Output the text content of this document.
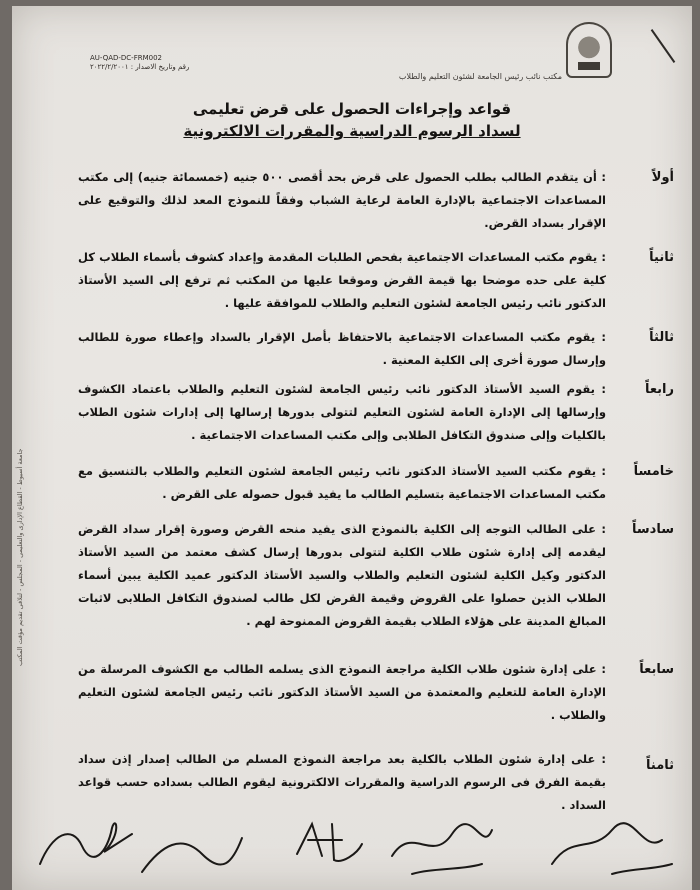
مكتب نائب رئيس الجامعة لشئون التعليم والطلاب
AU-QAD-DC-FRM002
رقم وتاريخ الاصدار : ٢٠٢٢/٢/٢٠٠١
قواعد وإجراءات الحصول على قرض تعليمى
لسداد الرسوم الدراسية والمقررات الالكترونية
أولاً
: أن يتقدم الطالب بطلب الحصول على قرض بحد أقصى ٥٠٠ جنيه (خمسمائة جنيه) إلى مكتب المساعدات الاجتماعية بالإدارة العامة لرعاية الشباب وفقاً للنموذج المعد لذلك والتوقيع على الإقرار بسداد القرض.
ثانياً
: يقوم مكتب المساعدات الاجتماعية بفحص الطلبات المقدمة وإعداد كشوف بأسماء الطلاب كل كلية على حده موضحا بها قيمة القرض وموقعا عليها من المكتب ثم ترفع إلى السيد الأستاذ الدكتور نائب رئيس الجامعة لشئون التعليم والطلاب للموافقة عليها .
ثالثاً
: يقوم مكتب المساعدات الاجتماعية بالاحتفاظ بأصل الإقرار بالسداد وإعطاء صورة للطالب وإرسال صورة أخرى إلى الكلية المعنية .
رابعاً
: يقوم السيد الأستاذ الدكتور نائب رئيس الجامعة لشئون التعليم والطلاب باعتماد الكشوف وإرسالها إلى الإدارة العامة لشئون التعليم لتتولى بدورها إرسالها إلى إدارات شئون الطلاب بالكليات وإلى صندوق التكافل الطلابى وإلى مكتب المساعدات الاجتماعية .
خامساً
: يقوم مكتب السيد الأستاذ الدكتور نائب رئيس الجامعة لشئون التعليم والطلاب بالتنسيق مع مكتب المساعدات الاجتماعية بتسليم الطالب ما يفيد قبول حصوله على القرض .
سادساً
: على الطالب التوجه إلى الكلية بالنموذج الذى يفيد منحه القرض وصورة إقرار سداد القرض ليقدمه إلى إدارة شئون طلاب الكلية لتتولى بدورها إرسال كشف معتمد من السيد الأستاذ الدكتور وكيل الكلية لشئون التعليم والطلاب والسيد الأستاذ الدكتور عميد الكلية يبين أسماء الطلاب الذين حصلوا على القروض وقيمة القرض لكل طالب لصندوق التكافل الطلابى لاثبات المبالغ المدينة على هؤلاء الطلاب بقيمة القروض الممنوحة لهم .
سابعاً
: على إدارة شئون طلاب الكلية مراجعة النموذج الذى يسلمه الطالب مع الكشوف المرسلة من الإدارة العامة للتعليم والمعتمدة من السيد الأستاذ الدكتور نائب رئيس الجامعة لشئون التعليم والطلاب .
ثامناً
: على إدارة شئون الطلاب بالكلية بعد مراجعة النموذج المسلم من الطالب إصدار إذن سداد بقيمة الفرق فى الرسوم الدراسية والمقررات الالكترونية ليقوم الطالب بسداده حسب قواعد السداد .
جامعة أسيوط - القطاع الإدارى والتعليمى - المجلس - لتلافى تقديم مؤقت المكتب
